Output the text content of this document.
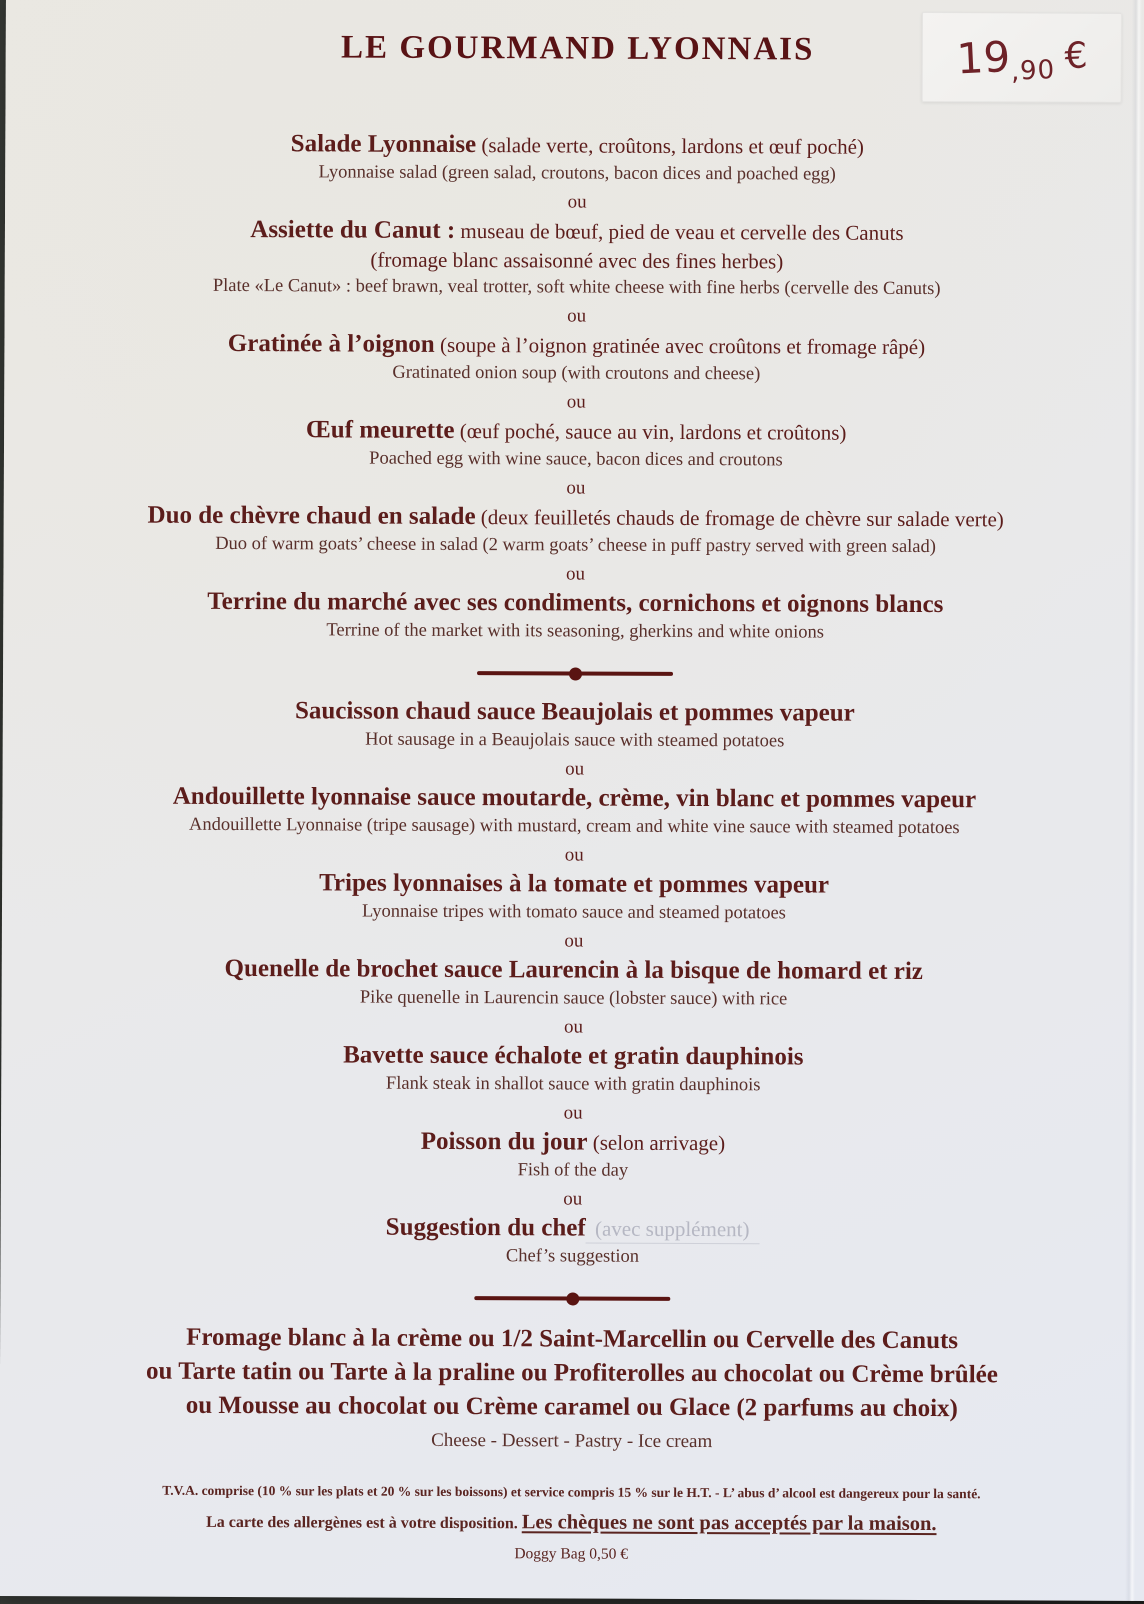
LE GOURMAND LYONNAIS	19,90 €
Salade Lyonnaise (salade verte, croûtons, lardons et œuf poché)
Lyonnaise salad (green salad, croutons, bacon dices and poached egg)
ou
Assiette du Canut : museau de bœuf, pied de veau et cervelle des Canuts
(fromage blanc assaisonné avec des fines herbes)
Plate «Le Canut» : beef brawn, veal trotter, soft white cheese with fine herbs (cervelle des Canuts)
ou
Gratinée à l’oignon (soupe à l’oignon gratinée avec croûtons et fromage râpé)
Gratinated onion soup (with croutons and cheese)
ou
Œuf meurette (œuf poché, sauce au vin, lardons et croûtons)
Poached egg with wine sauce, bacon dices and croutons
ou
Duo de chèvre chaud en salade (deux feuilletés chauds de fromage de chèvre sur salade verte)
Duo of warm goats’ cheese in salad (2 warm goats’ cheese in puff pastry served with green salad)
ou
Terrine du marché avec ses condiments, cornichons et oignons blancs
Terrine of the market with its seasoning, gherkins and white onions
Saucisson chaud sauce Beaujolais et pommes vapeur
Hot sausage in a Beaujolais sauce with steamed potatoes
ou
Andouillette lyonnaise sauce moutarde, crème, vin blanc et pommes vapeur
Andouillette Lyonnaise (tripe sausage) with mustard, cream and white vine sauce with steamed potatoes
ou
Tripes lyonnaises à la tomate et pommes vapeur
Lyonnaise tripes with tomato sauce and steamed potatoes
ou
Quenelle de brochet sauce Laurencin à la bisque de homard et riz
Pike quenelle in Laurencin sauce (lobster sauce) with rice
ou
Bavette sauce échalote et gratin dauphinois
Flank steak in shallot sauce with gratin dauphinois
ou
Poisson du jour (selon arrivage)
Fish of the day
ou
Suggestion du chef (avec supplément)
Chef’s suggestion
Fromage blanc à la crème ou 1/2 Saint-Marcellin ou Cervelle des Canuts
ou Tarte tatin ou Tarte à la praline ou Profiterolles au chocolat ou Crème brûlée
ou Mousse au chocolat ou Crème caramel ou Glace (2 parfums au choix)
Cheese - Dessert - Pastry - Ice cream
T.V.A. comprise (10 % sur les plats et 20 % sur les boissons) et service compris 15 % sur le H.T. - L’ abus d’ alcool est dangereux pour la santé.
La carte des allergènes est à votre disposition. Les chèques ne sont pas acceptés par la maison.
Doggy Bag 0,50 €
